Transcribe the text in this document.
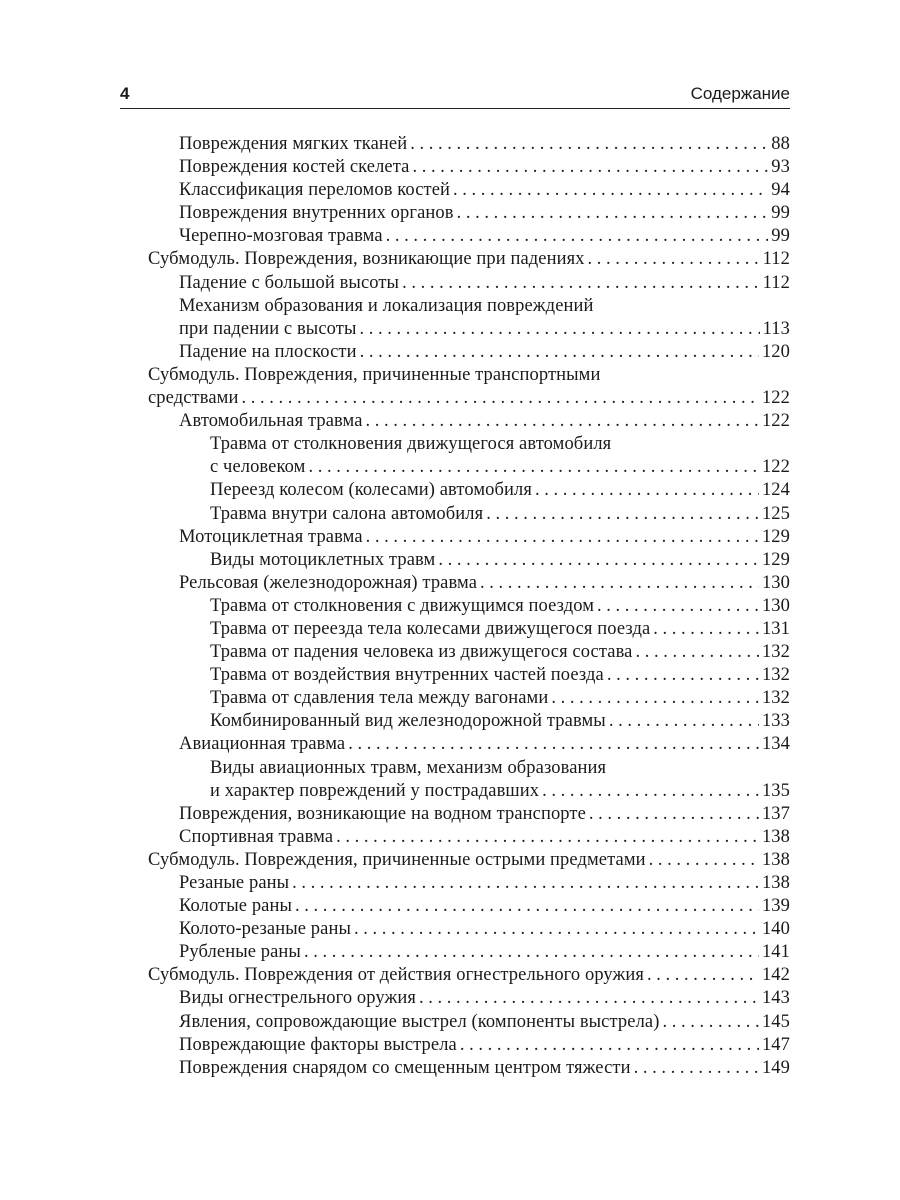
4	Содержание
Повреждения мягких тканей . . .	88
Повреждения костей скелета . . .	93
Классификация переломов костей . . .	94
Повреждения внутренних органов . . .	99
Черепно-мозговая травма . . .	99
Субмодуль. Повреждения, возникающие при падениях . . .	112
Падение с большой высоты . . .	112
Механизм образования и локализация повреждений
при падении с высоты . . .	113
Падение на плоскости . . .	120
Субмодуль. Повреждения, причиненные транспортными
средствами . . .	122
Автомобильная травма . . .	122
Травма от столкновения движущегося автомобиля
с человеком . . .	122
Переезд колесом (колесами) автомобиля . . .	124
Травма внутри салона автомобиля . . .	125
Мотоциклетная травма . . .	129
Виды мотоциклетных травм . . .	129
Рельсовая (железнодорожная) травма . . .	130
Травма от столкновения с движущимся поездом . . .	130
Травма от переезда тела колесами движущегося поезда . . .	131
Травма от падения человека из движущегося состава . . .	132
Травма от воздействия внутренних частей поезда . . .	132
Травма от сдавления тела между вагонами . . .	132
Комбинированный вид железнодорожной травмы . . .	133
Авиационная травма . . .	134
Виды авиационных травм, механизм образования
и характер повреждений у пострадавших . . .	135
Повреждения, возникающие на водном транспорте . . .	137
Спортивная травма . . .	138
Субмодуль. Повреждения, причиненные острыми предметами . . .	138
Резаные раны . . .	138
Колотые раны . . .	139
Колото-резаные раны . . .	140
Рубленые раны . . .	141
Субмодуль. Повреждения от действия огнестрельного оружия . . .	142
Виды огнестрельного оружия . . .	143
Явления, сопровождающие выстрел (компоненты выстрела) . . .	145
Повреждающие факторы выстрела . . .	147
Повреждения снарядом со смещенным центром тяжести . . .	149
